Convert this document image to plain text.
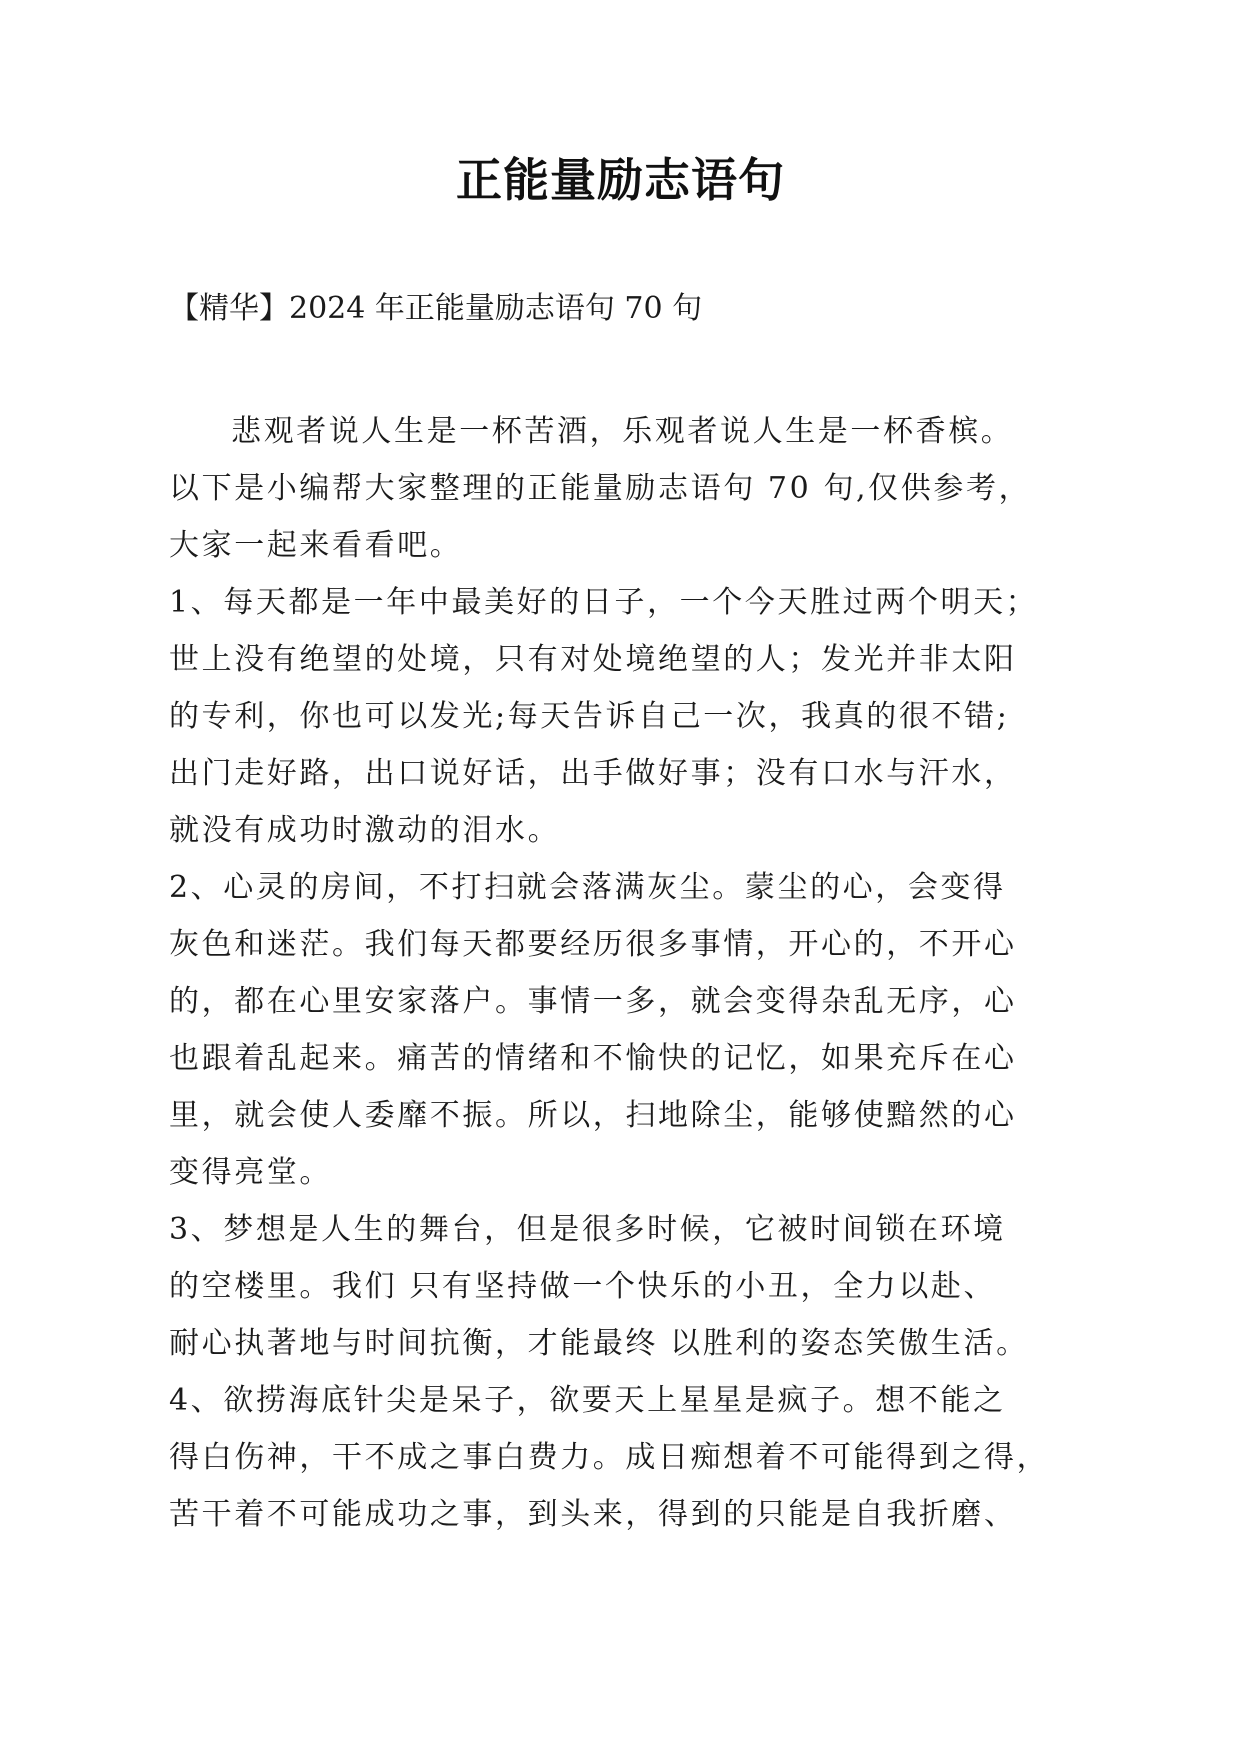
正能量励志语句
【精华】2024 年正能量励志语句 70 句
悲观者说人生是一杯苦酒，乐观者说人生是一杯香槟。
以下是小编帮大家整理的正能量励志语句 70 句,仅供参考，
大家一起来看看吧。
1、每天都是一年中最美好的日子，一个今天胜过两个明天；
世上没有绝望的处境，只有对处境绝望的人；发光并非太阳
的专利，你也可以发光;每天告诉自己一次，我真的很不错;
出门走好路，出口说好话，出手做好事；没有口水与汗水，
就没有成功时激动的泪水。
2、心灵的房间，不打扫就会落满灰尘。蒙尘的心，会变得
灰色和迷茫。我们每天都要经历很多事情，开心的，不开心
的，都在心里安家落户。事情一多，就会变得杂乱无序，心
也跟着乱起来。痛苦的情绪和不愉快的记忆，如果充斥在心
里，就会使人委靡不振。所以，扫地除尘，能够使黯然的心
变得亮堂。
3、梦想是人生的舞台，但是很多时候，它被时间锁在环境
的空楼里。我们 只有坚持做一个快乐的小丑，全力以赴、
耐心执著地与时间抗衡，才能最终 以胜利的姿态笑傲生活。
4、欲捞海底针尖是呆子，欲要天上星星是疯子。想不能之
得白伤神，干不成之事白费力。成日痴想着不可能得到之得，
苦干着不可能成功之事，到头来，得到的只能是自我折磨、
